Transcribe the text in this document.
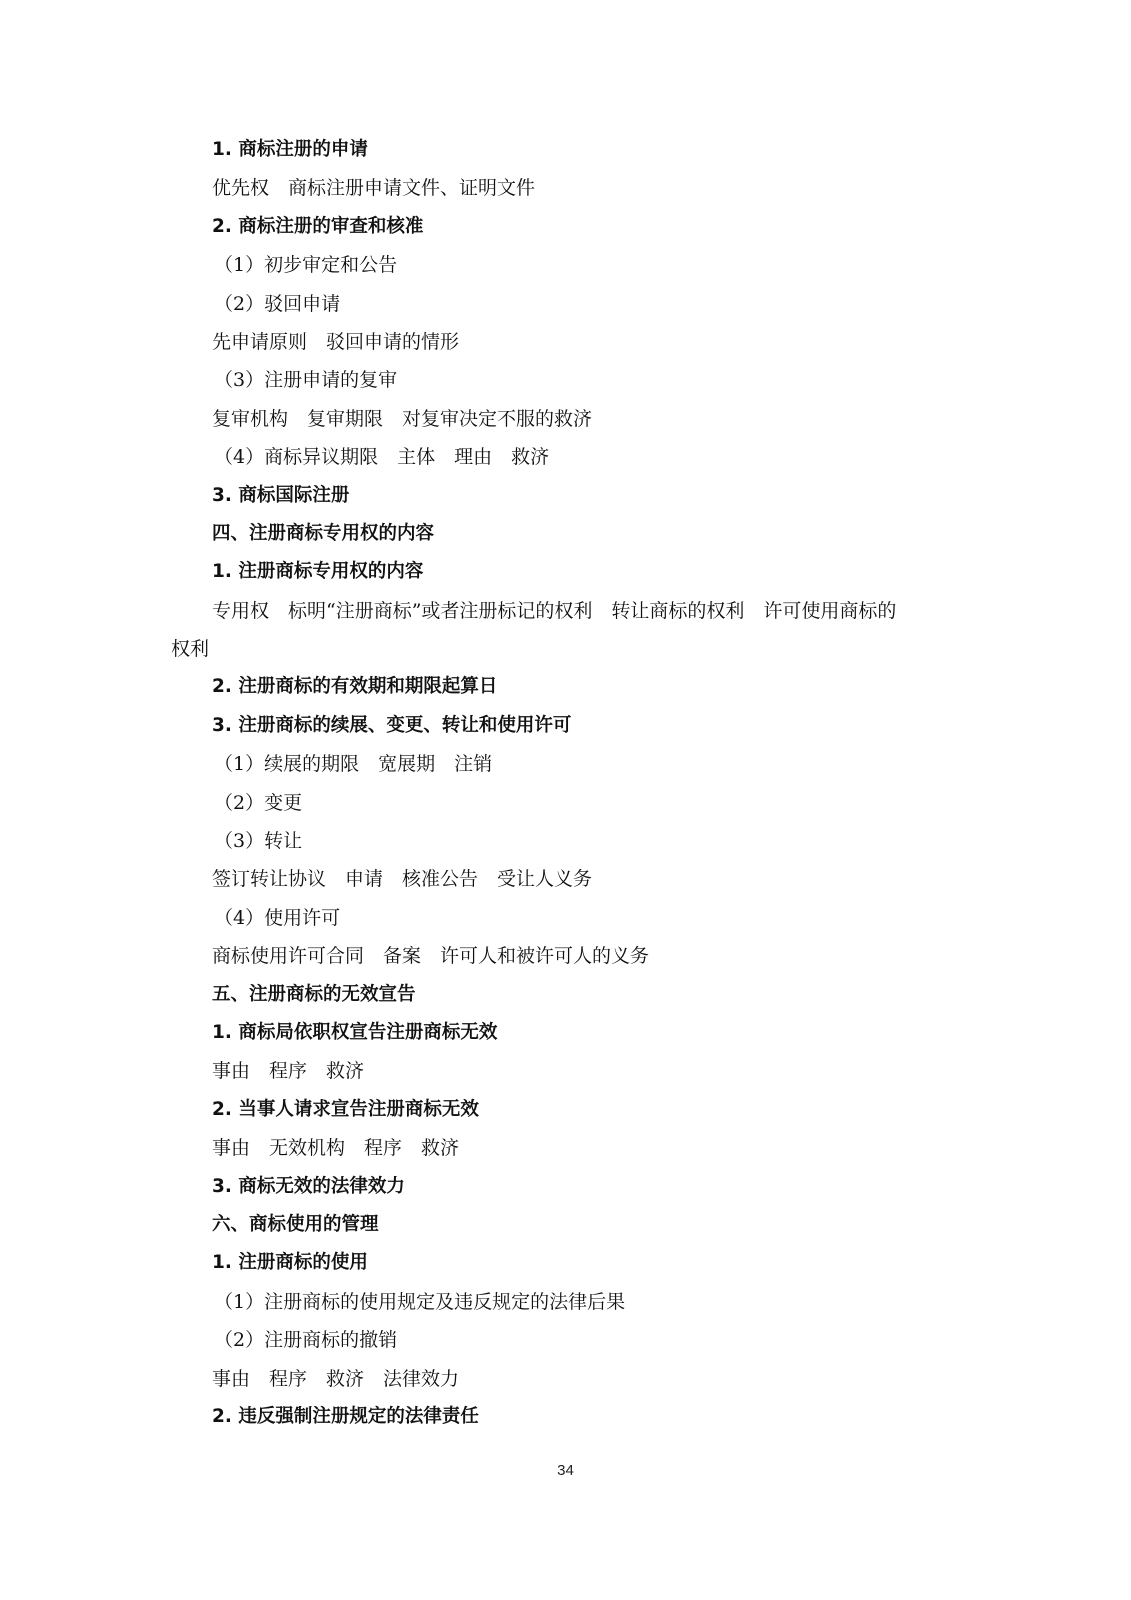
1. 商标注册的申请
优先权　商标注册申请文件、证明文件
2. 商标注册的审查和核准
（1）初步审定和公告
（2）驳回申请
先申请原则　驳回申请的情形
（3）注册申请的复审
复审机构　复审期限　对复审决定不服的救济
（4）商标异议期限　主体　理由　救济
3. 商标国际注册
四、注册商标专用权的内容
1. 注册商标专用权的内容
专用权　标明“注册商标”或者注册标记的权利　转让商标的权利　许可使用商标的
权利
2. 注册商标的有效期和期限起算日
3. 注册商标的续展、变更、转让和使用许可
（1）续展的期限　宽展期　注销
（2）变更
（3）转让
签订转让协议　申请　核准公告　受让人义务
（4）使用许可
商标使用许可合同　备案　许可人和被许可人的义务
五、注册商标的无效宣告
1. 商标局依职权宣告注册商标无效
事由　程序　救济
2. 当事人请求宣告注册商标无效
事由　无效机构　程序　救济
3. 商标无效的法律效力
六、商标使用的管理
1. 注册商标的使用
（1）注册商标的使用规定及违反规定的法律后果
（2）注册商标的撤销
事由　程序　救济　法律效力
2. 违反强制注册规定的法律责任
34
